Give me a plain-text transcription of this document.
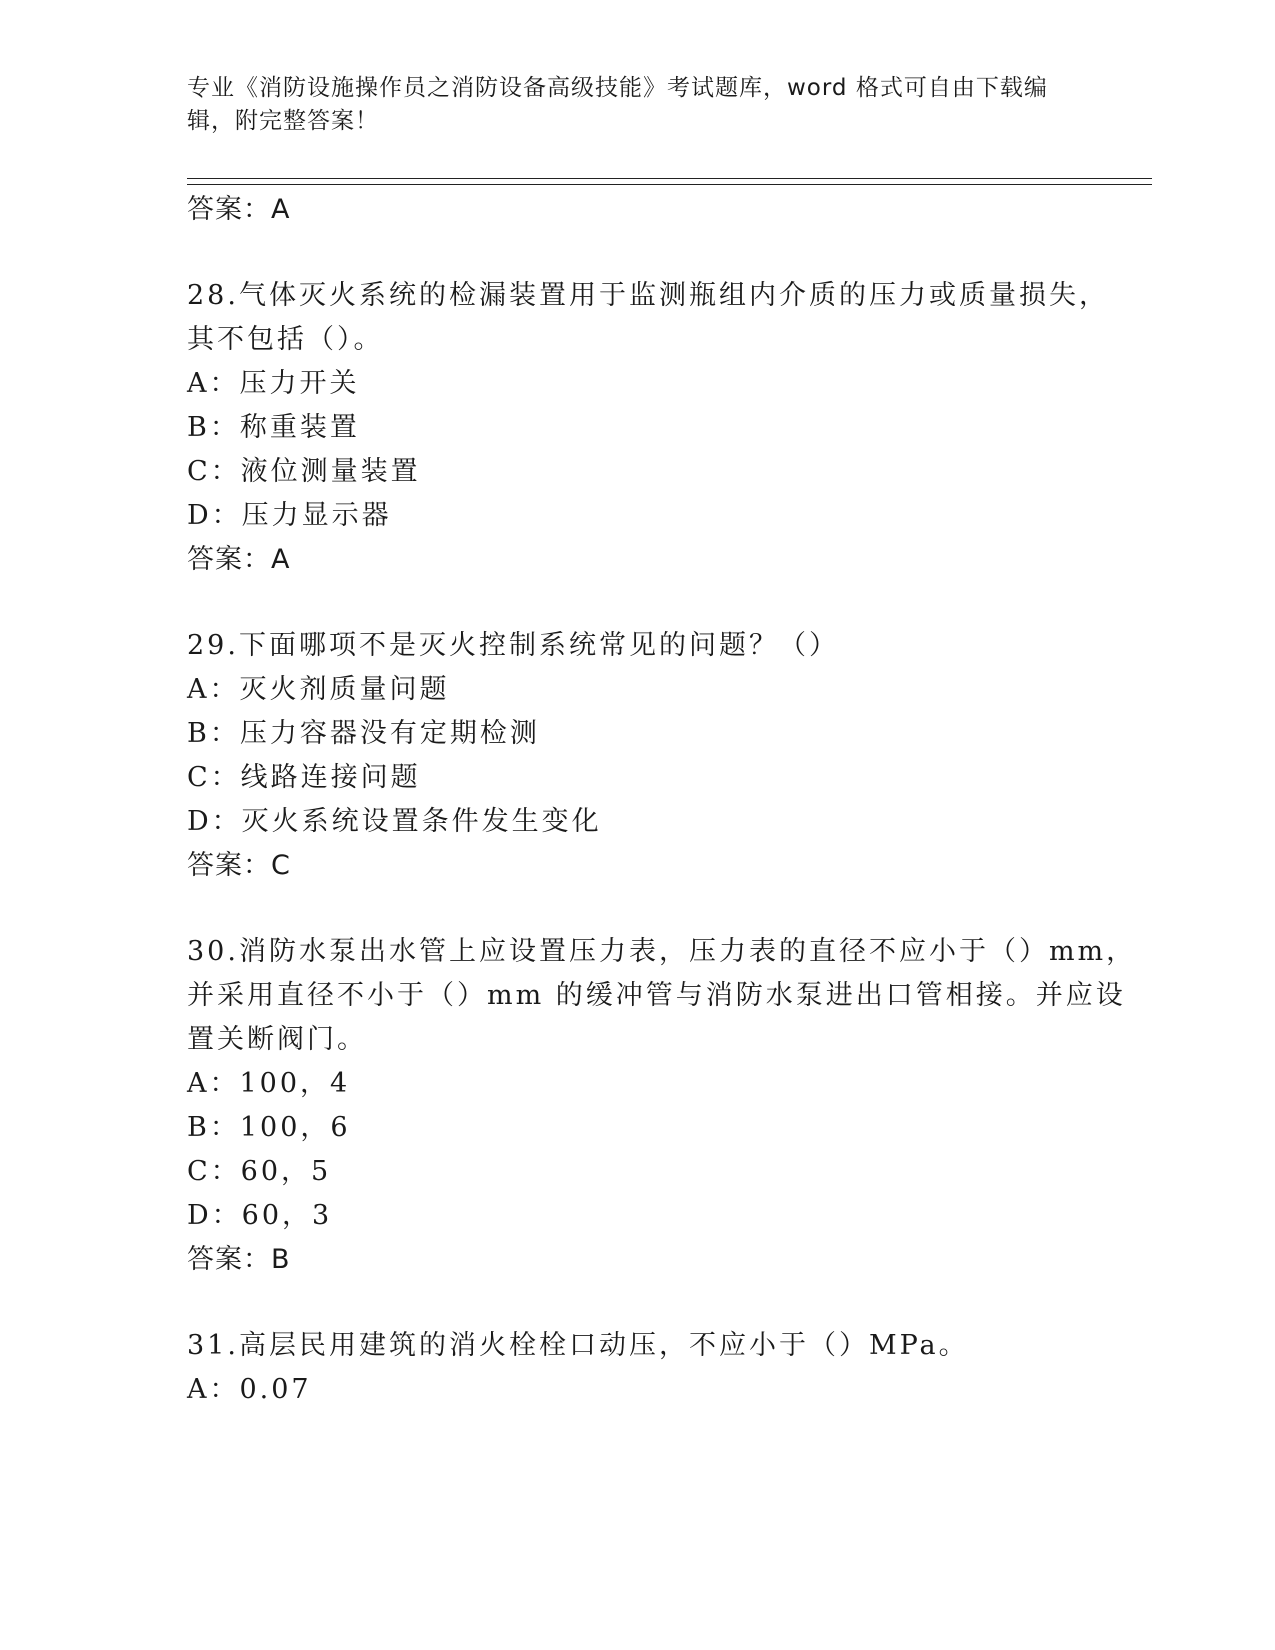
专业《消防设施操作员之消防设备高级技能》考试题库，word 格式可自由下载编
辑，附完整答案！
答案：A
28.气体灭火系统的检漏装置用于监测瓶组内介质的压力或质量损失，
其不包括（）。
A：压力开关
B：称重装置
C：液位测量装置
D：压力显示器
答案：A
29.下面哪项不是灭火控制系统常见的问题？（）
A：灭火剂质量问题
B：压力容器没有定期检测
C：线路连接问题
D：灭火系统设置条件发生变化
答案：C
30.消防水泵出水管上应设置压力表，压力表的直径不应小于（）mm，
并采用直径不小于（）mm 的缓冲管与消防水泵进出口管相接。并应设
置关断阀门。
A：100，4
B：100，6
C：60，5
D：60，3
答案：B
31.高层民用建筑的消火栓栓口动压，不应小于（）MPa。
A：0.07
